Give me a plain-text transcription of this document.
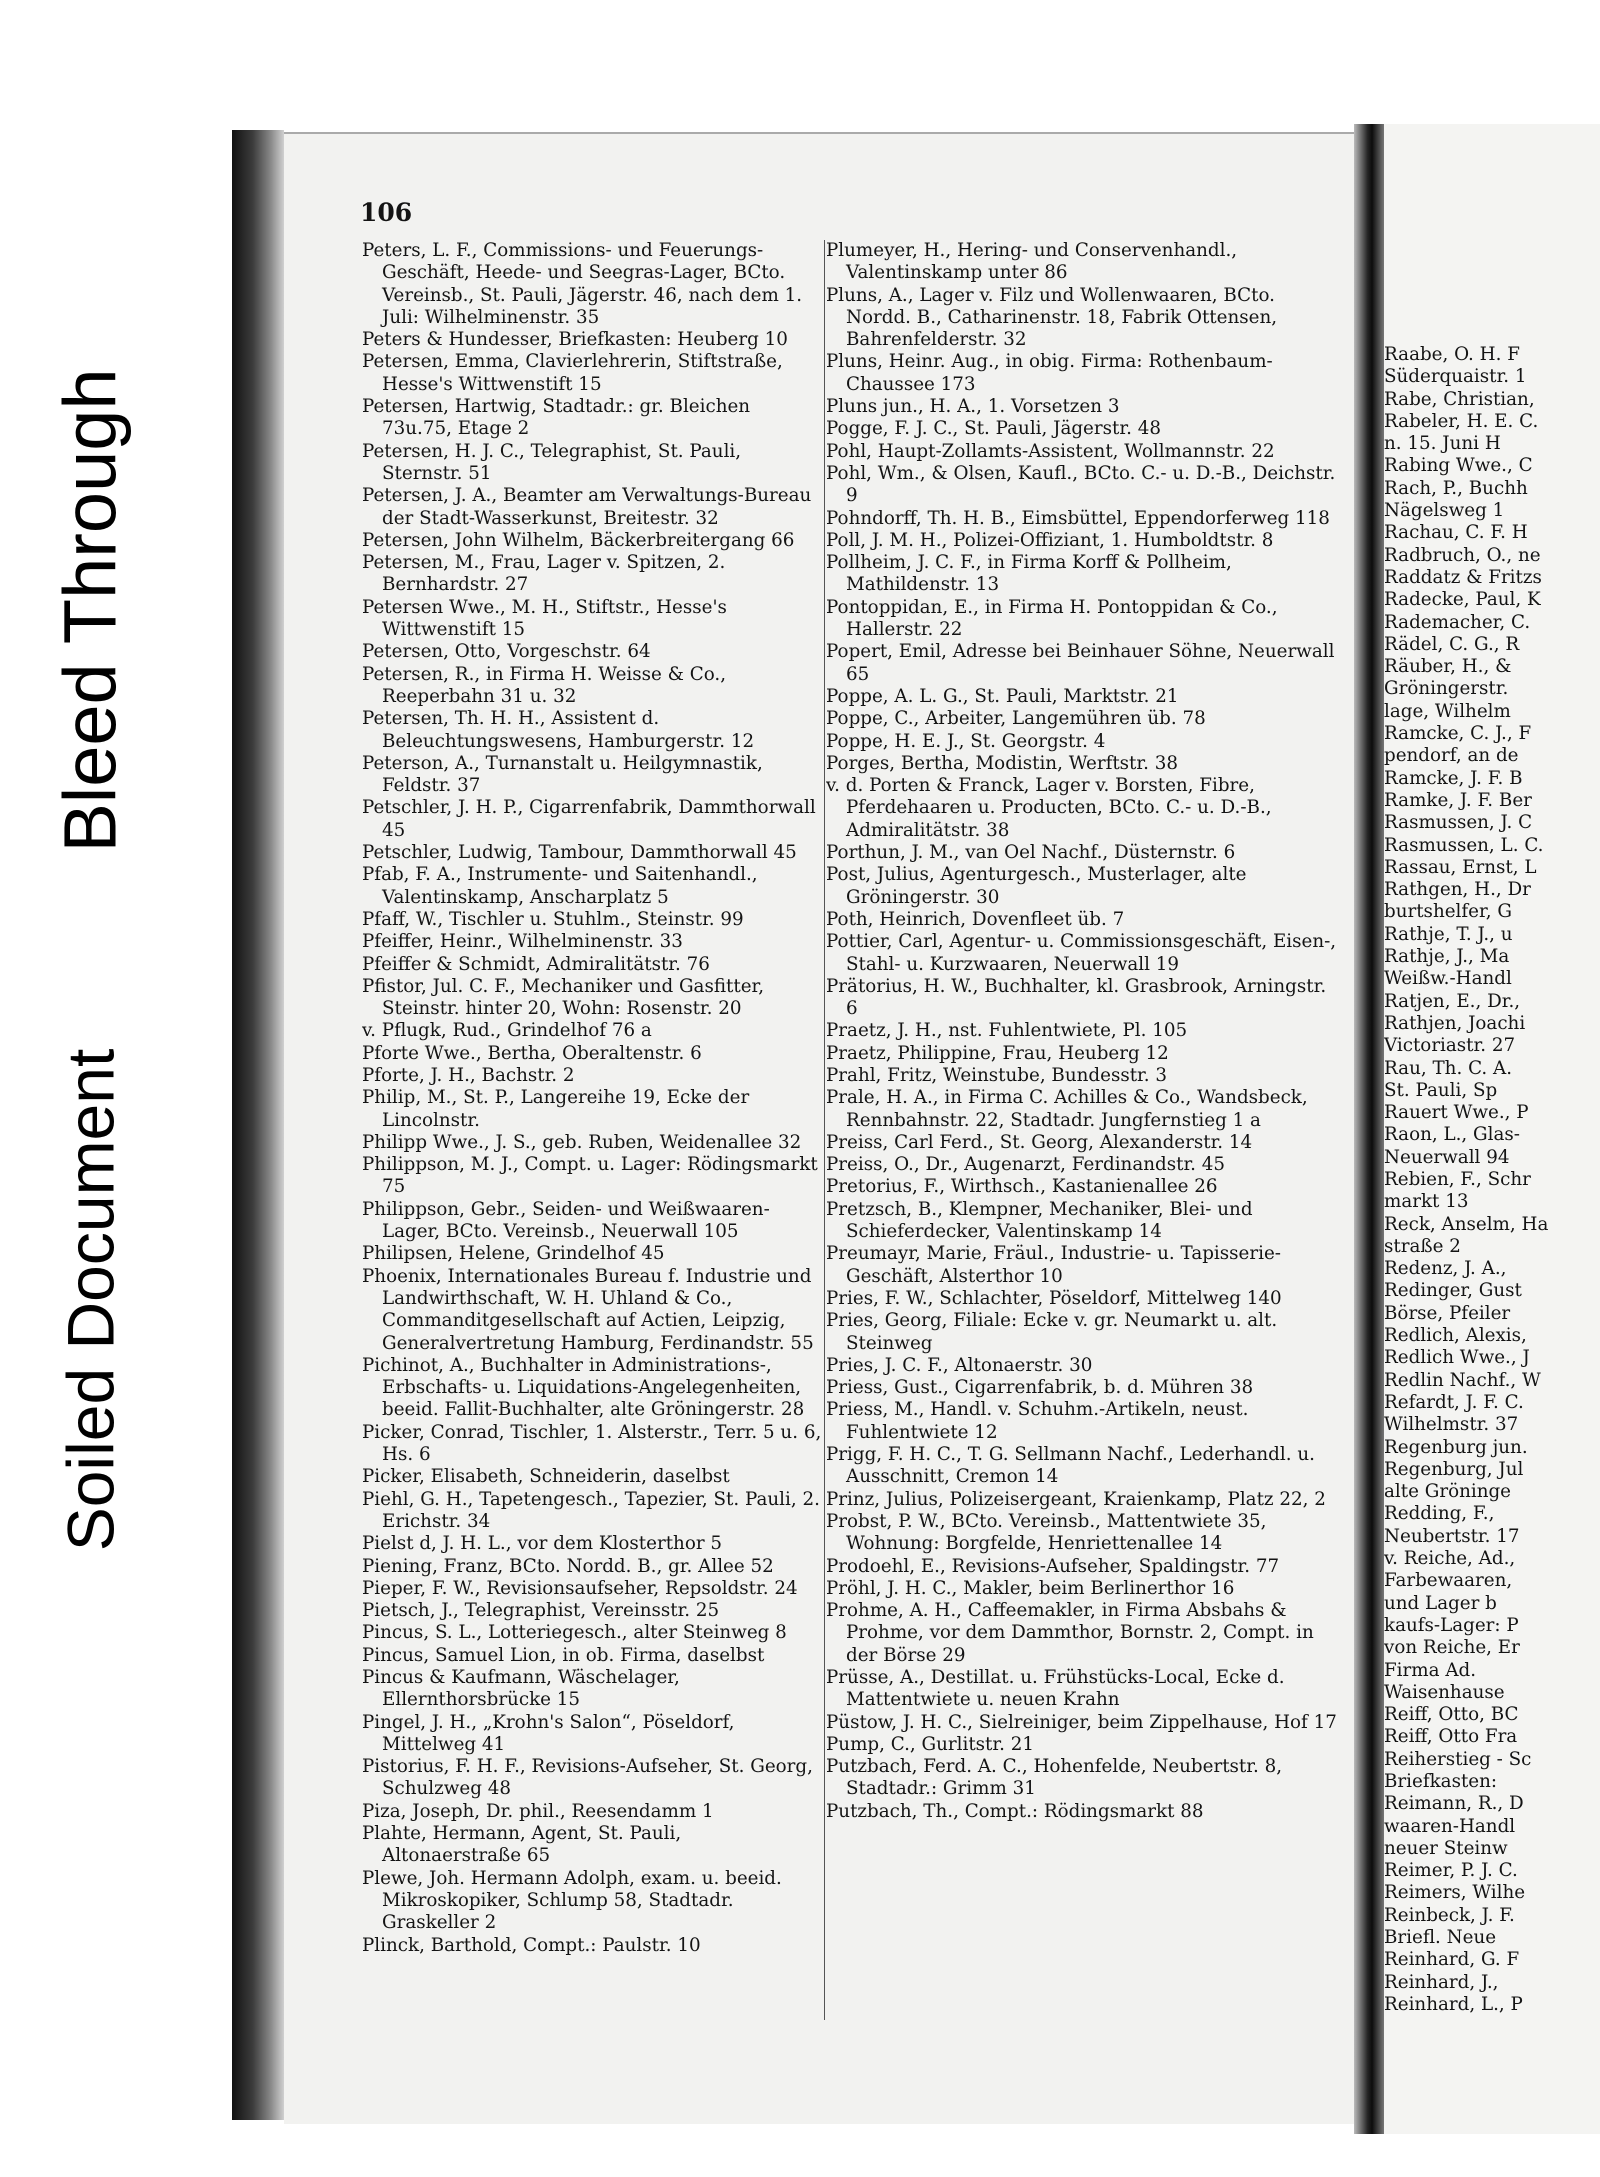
Bleed Through
Soiled Document
Raabe, O. H. F
Süderquaistr. 1
Rabe, Christian,
Rabeler, H. E. C.
n. 15. Juni H
Rabing Wwe., C
Rach, P., Buchh
Nägelsweg 1
Rachau, C. F. H
Radbruch, O., ne
Raddatz & Fritzs
Radecke, Paul, K
Rademacher, C.
Rädel, C. G., R
Räuber, H., &
Gröningerstr.
lage, Wilhelm
Ramcke, C. J., F
pendorf, an de
Ramcke, J. F. B
Ramke, J. F. Ber
Rasmussen, J. C
Rasmussen, L. C.
Rassau, Ernst, L
Rathgen, H., Dr
burtshelfer, G
Rathje, T. J., u
Rathje, J., Ma
Weißw.-Handl
Ratjen, E., Dr.,
Rathjen, Joachi
Victoriastr. 27
Rau, Th. C. A.
St. Pauli, Sp
Rauert Wwe., P
Raon, L., Glas-
Neuerwall 94
Rebien, F., Schr
markt 13
Reck, Anselm, Ha
straße 2
Redenz, J. A.,
Redinger, Gust
Börse, Pfeiler
Redlich, Alexis,
Redlich Wwe., J
Redlin Nachf., W
Refardt, J. F. C.
Wilhelmstr. 37
Regenburg jun.
Regenburg, Jul
alte Gröninge
Redding, F.,
Neubertstr. 17
v. Reiche, Ad.,
Farbewaaren,
und Lager b
kaufs-Lager: P
von Reiche, Er
Firma Ad.
Waisenhause
Reiff, Otto, BC
Reiff, Otto Fra
Reiherstieg - Sc
Briefkasten:
Reimann, R., D
waaren-Handl
neuer Steinw
Reimer, P. J. C.
Reimers, Wilhe
Reinbeck, J. F.
Briefl. Neue
Reinhard, G. F
Reinhard, J.,
Reinhard, L., P
106
Peters, L. F., Commissions- und Feuerungs-Geschäft, Heede- und Seegras-Lager, BCto. Vereinsb., St. Pauli, Jägerstr. 46, nach dem 1. Juli: Wilhelminenstr. 35
Peters & Hundesser, Briefkasten: Heuberg 10
Petersen, Emma, Clavierlehrerin, Stiftstraße, Hesse's Wittwenstift 15
Petersen, Hartwig, Stadtadr.: gr. Bleichen 73u.75, Etage 2
Petersen, H. J. C., Telegraphist, St. Pauli, Sternstr. 51
Petersen, J. A., Beamter am Verwaltungs-Bureau der Stadt-Wasserkunst, Breitestr. 32
Petersen, John Wilhelm, Bäckerbreitergang 66
Petersen, M., Frau, Lager v. Spitzen, 2. Bernhardstr. 27
Petersen Wwe., M. H., Stiftstr., Hesse's Wittwenstift 15
Petersen, Otto, Vorgeschstr. 64
Petersen, R., in Firma H. Weisse & Co., Reeperbahn 31 u. 32
Petersen, Th. H. H., Assistent d. Beleuchtungswesens, Hamburgerstr. 12
Peterson, A., Turnanstalt u. Heilgymnastik, Feldstr. 37
Petschler, J. H. P., Cigarrenfabrik, Dammthorwall 45
Petschler, Ludwig, Tambour, Dammthorwall 45
Pfab, F. A., Instrumente- und Saitenhandl., Valentinskamp, Anscharplatz 5
Pfaff, W., Tischler u. Stuhlm., Steinstr. 99
Pfeiffer, Heinr., Wilhelminenstr. 33
Pfeiffer & Schmidt, Admiralitätstr. 76
Pfistor, Jul. C. F., Mechaniker und Gasfitter, Steinstr. hinter 20, Wohn: Rosenstr. 20
v. Pflugk, Rud., Grindelhof 76 a
Pforte Wwe., Bertha, Oberaltenstr. 6
Pforte, J. H., Bachstr. 2
Philip, M., St. P., Langereihe 19, Ecke der Lincolnstr.
Philipp Wwe., J. S., geb. Ruben, Weidenallee 32
Philippson, M. J., Compt. u. Lager: Rödingsmarkt 75
Philippson, Gebr., Seiden- und Weißwaaren-Lager, BCto. Vereinsb., Neuerwall 105
Philipsen, Helene, Grindelhof 45
Phoenix, Internationales Bureau f. Industrie und Landwirthschaft, W. H. Uhland & Co., Commanditgesellschaft auf Actien, Leipzig, Generalvertretung Hamburg, Ferdinandstr. 55
Pichinot, A., Buchhalter in Administrations-, Erbschafts- u. Liquidations-Angelegenheiten, beeid. Fallit-Buchhalter, alte Gröningerstr. 28
Picker, Conrad, Tischler, 1. Alsterstr., Terr. 5 u. 6, Hs. 6
Picker, Elisabeth, Schneiderin, daselbst
Piehl, G. H., Tapetengesch., Tapezier, St. Pauli, 2. Erichstr. 34
Pielst d, J. H. L., vor dem Klosterthor 5
Piening, Franz, BCto. Nordd. B., gr. Allee 52
Pieper, F. W., Revisionsaufseher, Repsoldstr. 24
Pietsch, J., Telegraphist, Vereinsstr. 25
Pincus, S. L., Lotteriegesch., alter Steinweg 8
Pincus, Samuel Lion, in ob. Firma, daselbst
Pincus & Kaufmann, Wäschelager, Ellernthorsbrücke 15
Pingel, J. H., „Krohn's Salon“, Pöseldorf, Mittelweg 41
Pistorius, F. H. F., Revisions-Aufseher, St. Georg, Schulzweg 48
Piza, Joseph, Dr. phil., Reesendamm 1
Plahte, Hermann, Agent, St. Pauli, Altonaerstraße 65
Plewe, Joh. Hermann Adolph, exam. u. beeid. Mikroskopiker, Schlump 58, Stadtadr. Graskeller 2
Plinck, Barthold, Compt.: Paulstr. 10
Plumeyer, H., Hering- und Conservenhandl., Valentinskamp unter 86
Pluns, A., Lager v. Filz und Wollenwaaren, BCto. Nordd. B., Catharinenstr. 18, Fabrik Ottensen, Bahrenfelderstr. 32
Pluns, Heinr. Aug., in obig. Firma: Rothenbaum-Chaussee 173
Pluns jun., H. A., 1. Vorsetzen 3
Pogge, F. J. C., St. Pauli, Jägerstr. 48
Pohl, Haupt-Zollamts-Assistent, Wollmannstr. 22
Pohl, Wm., & Olsen, Kaufl., BCto. C.- u. D.-B., Deichstr. 9
Pohndorff, Th. H. B., Eimsbüttel, Eppendorferweg 118
Poll, J. M. H., Polizei-Offiziant, 1. Humboldtstr. 8
Pollheim, J. C. F., in Firma Korff & Pollheim, Mathildenstr. 13
Pontoppidan, E., in Firma H. Pontoppidan & Co., Hallerstr. 22
Popert, Emil, Adresse bei Beinhauer Söhne, Neuerwall 65
Poppe, A. L. G., St. Pauli, Marktstr. 21
Poppe, C., Arbeiter, Langemühren üb. 78
Poppe, H. E. J., St. Georgstr. 4
Porges, Bertha, Modistin, Werftstr. 38
v. d. Porten & Franck, Lager v. Borsten, Fibre, Pferdehaaren u. Producten, BCto. C.- u. D.-B., Admiralitätstr. 38
Porthun, J. M., van Oel Nachf., Düsternstr. 6
Post, Julius, Agenturgesch., Musterlager, alte Gröningerstr. 30
Poth, Heinrich, Dovenfleet üb. 7
Pottier, Carl, Agentur- u. Commissionsgeschäft, Eisen-, Stahl- u. Kurzwaaren, Neuerwall 19
Prätorius, H. W., Buchhalter, kl. Grasbrook, Arningstr. 6
Praetz, J. H., nst. Fuhlentwiete, Pl. 105
Praetz, Philippine, Frau, Heuberg 12
Prahl, Fritz, Weinstube, Bundesstr. 3
Prale, H. A., in Firma C. Achilles & Co., Wandsbeck, Rennbahnstr. 22, Stadtadr. Jungfernstieg 1 a
Preiss, Carl Ferd., St. Georg, Alexanderstr. 14
Preiss, O., Dr., Augenarzt, Ferdinandstr. 45
Pretorius, F., Wirthsch., Kastanienallee 26
Pretzsch, B., Klempner, Mechaniker, Blei- und Schieferdecker, Valentinskamp 14
Preumayr, Marie, Fräul., Industrie- u. Tapisserie-Geschäft, Alsterthor 10
Pries, F. W., Schlachter, Pöseldorf, Mittelweg 140
Pries, Georg, Filiale: Ecke v. gr. Neumarkt u. alt. Steinweg
Pries, J. C. F., Altonaerstr. 30
Priess, Gust., Cigarrenfabrik, b. d. Mühren 38
Priess, M., Handl. v. Schuhm.-Artikeln, neust. Fuhlentwiete 12
Prigg, F. H. C., T. G. Sellmann Nachf., Lederhandl. u. Ausschnitt, Cremon 14
Prinz, Julius, Polizeisergeant, Kraienkamp, Platz 22, 2
Probst, P. W., BCto. Vereinsb., Mattentwiete 35, Wohnung: Borgfelde, Henriettenallee 14
Prodoehl, E., Revisions-Aufseher, Spaldingstr. 77
Pröhl, J. H. C., Makler, beim Berlinerthor 16
Prohme, A. H., Caffeemakler, in Firma Absbahs & Prohme, vor dem Dammthor, Bornstr. 2, Compt. in der Börse 29
Prüsse, A., Destillat. u. Frühstücks-Local, Ecke d. Mattentwiete u. neuen Krahn
Püstow, J. H. C., Sielreiniger, beim Zippelhause, Hof 17
Pump, C., Gurlitstr. 21
Putzbach, Ferd. A. C., Hohenfelde, Neubertstr. 8, Stadtadr.: Grimm 31
Putzbach, Th., Compt.: Rödingsmarkt 88
